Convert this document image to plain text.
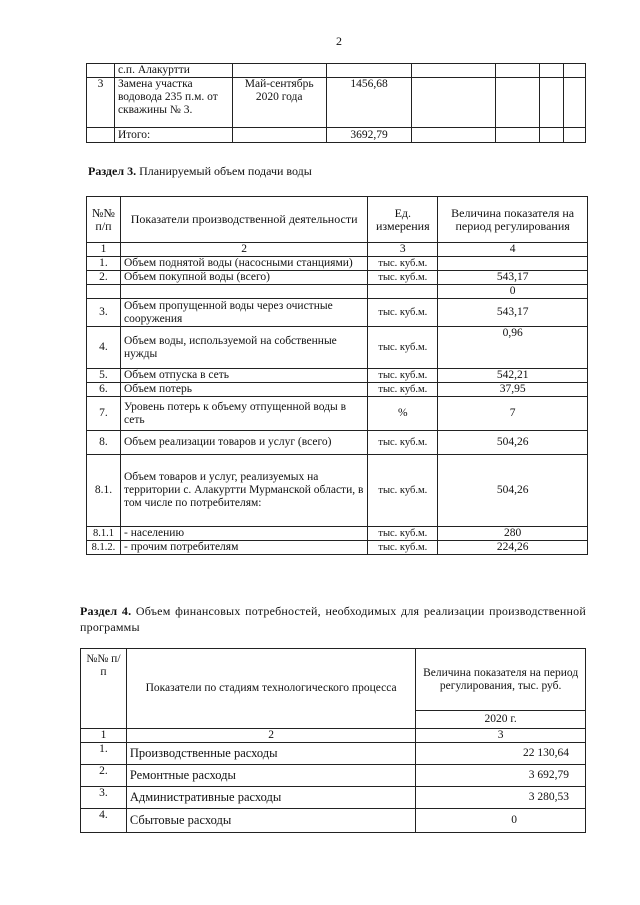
2
	с.п. Алакуртти						
3	Замена участка водовода 235 п.м. от скважины № 3.	Май-сентябрь 2020 года	1456,68				
	Итого:		3692,79				
Раздел 3. Планируемый объем подачи воды
№№ п/п	Показатели производственной деятельности	Ед. измерения	Величина показателя на период регулирования
1	2	3	4
1.	Объем поднятой воды (насосными станциями)	тыс. куб.м.	
2.	Объем покупной воды (всего)	тыс. куб.м.	543,17
			0
3.	Объем пропущенной воды через очистные сооружения	тыс. куб.м.	543,17
4.	Объем воды, используемой на собственные нужды	тыс. куб.м.	0,96
5.	Объем отпуска в сеть	тыс. куб.м.	542,21
6.	Объем потерь	тыс. куб.м.	37,95
7.	Уровень потерь к объему отпущенной воды в сеть	%	7
8.	Объем реализации товаров и услуг (всего)	тыс. куб.м.	504,26
8.1.	Объем товаров и услуг, реализуемых на территории с. Алакуртти Мурманской области, в том числе по потребителям:	тыс. куб.м.	504,26
8.1.1	- населению	тыс. куб.м.	280
8.1.2.	- прочим потребителям	тыс. куб.м.	224,26
Раздел 4. Объем финансовых потребностей, необходимых для реализации производственной программы
№№ п/п	Показатели по стадиям технологического процесса	Величина показателя на период регулирования, тыс. руб.
		2020 г.
1	2	3
1.	Производственные расходы	22 130,64
2.	Ремонтные расходы	3 692,79
3.	Административные расходы	3 280,53
4.	Сбытовые расходы	0
